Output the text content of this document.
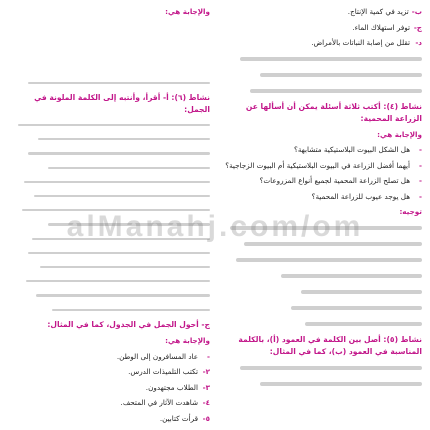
ب-
تزيد في كمية الإنتاج.
ج-
توفر استهلاك الماء.
د-
تقلل من إصابة النباتات بالأمراض.
نشاط (٤): أكتب ثلاثة أسئلة يمكن أن أسألها عن الزراعة المحمية:
والإجابة هي:
-
هل الشكل البيوت البلاستيكية متشابهة؟
-
أيهما أفضل الزراعة في البيوت البلاستيكية أم البيوت الزجاجية؟
-
هل تصلح الزراعة المحمية لجميع أنواع المزروعات؟
-
هل يوجد عيوب للزراعة المحمية؟
توجيه:
نشاط (٥): أصل بين الكلمة في العمود (أ)، بالكلمة المناسبة في العمود (ب)، كما في المثال:
والإجابة هي:
نشاط (٦): أ- أقرأ، وأنتبه إلى الكلمة الملونة في الجمل:
ج- أحول الجمل في الجدول، كما في المثال:
والإجابة هي:
-
عاد المسافرون إلى الوطن.
٢-
تكتب التلميذات الدرس.
٣-
الطلاب مجتهدون.
٤-
شاهدت الآثار في المتحف.
٥-
قرأت كتابين.
alManahj.com/om
